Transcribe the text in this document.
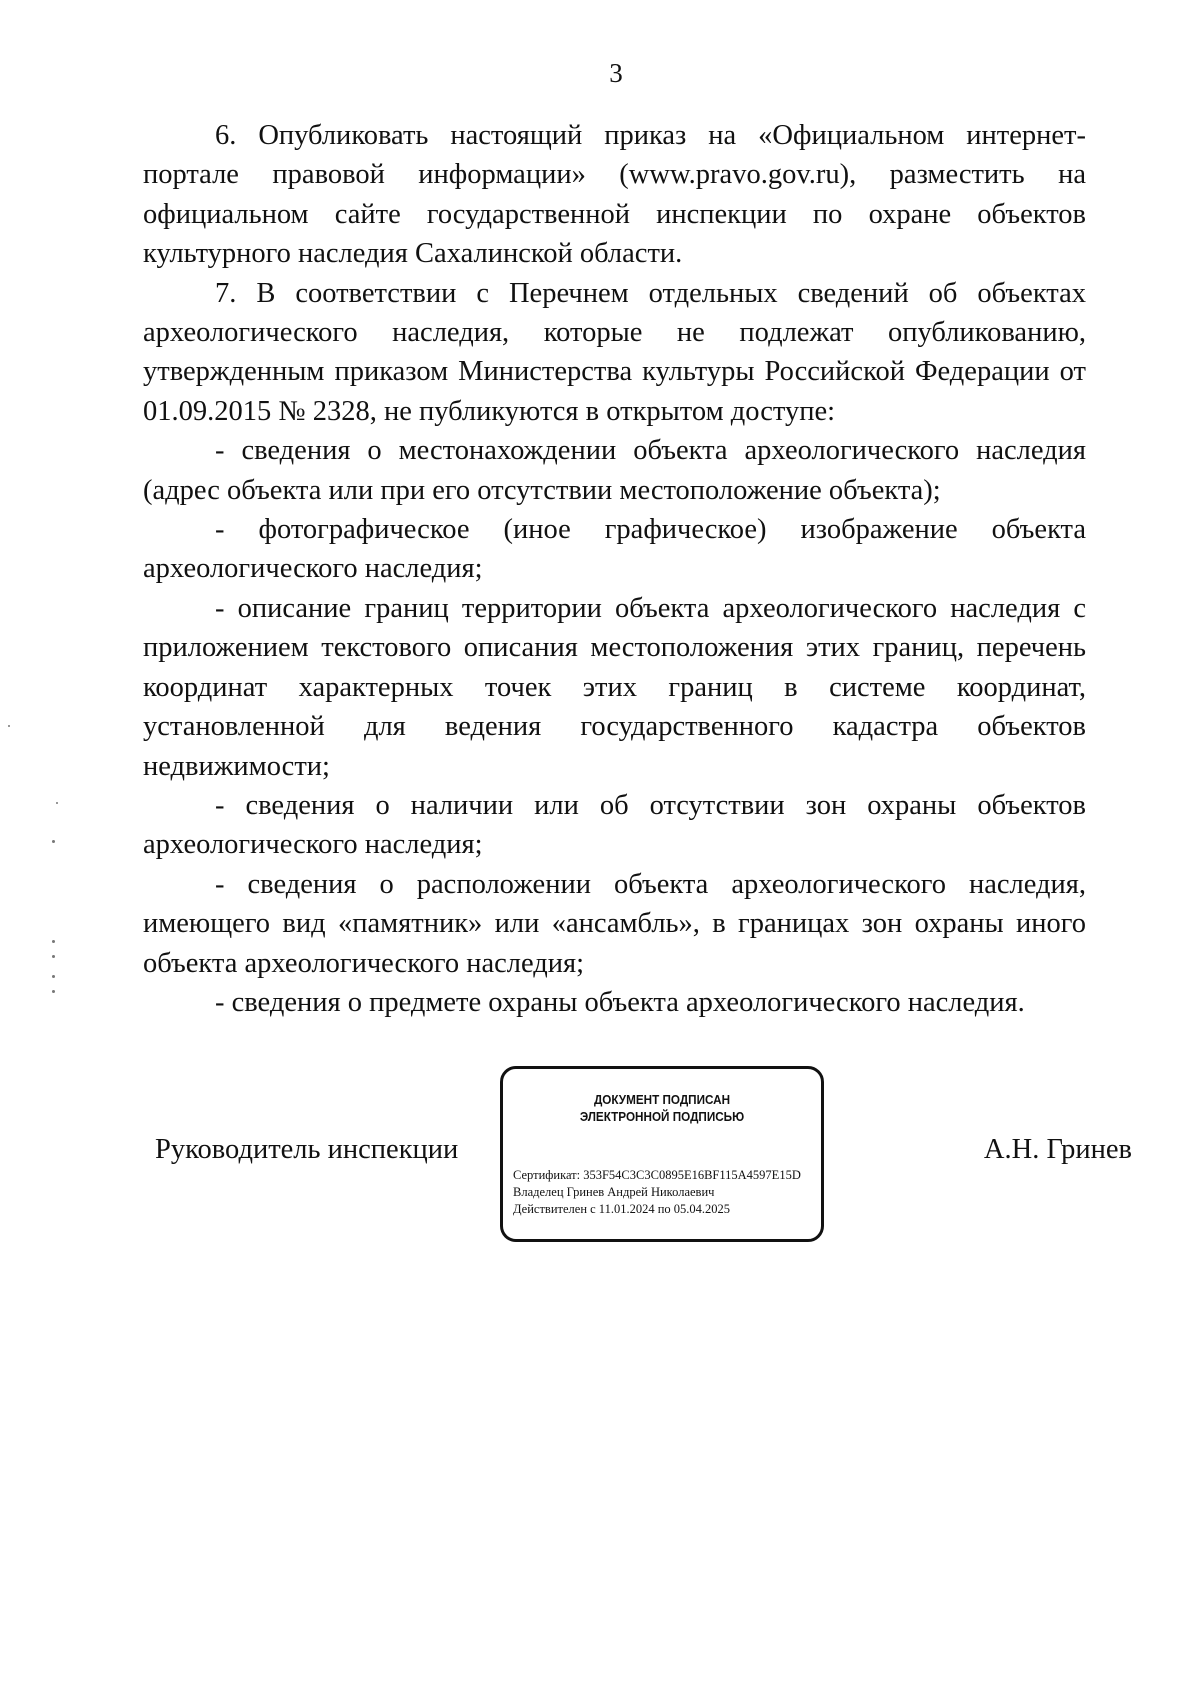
3

6. Опубликовать настоящий приказ на «Официальном интернет- портале правовой информации» (www.pravo.gov.ru), разместить на официальном сайте государственной инспекции по охране объектов культурного наследия Сахалинской области.

7. В соответствии с Перечнем отдельных сведений об объектах археологического наследия, которые не подлежат опубликованию, утвержденным приказом Министерства культуры Российской Федерации от 01.09.2015 № 2328, не публикуются в открытом доступе:

- сведения о местонахождении объекта археологического наследия (адрес объекта или при его отсутствии местоположение объекта);

- фотографическое (иное графическое) изображение объекта археологического наследия;

- описание границ территории объекта археологического наследия с приложением текстового описания местоположения этих границ, перечень координат характерных точек этих границ в системе координат, установленной для ведения государственного кадастра объектов недвижимости;

- сведения о наличии или об отсутствии зон охраны объектов археологического наследия;

- сведения о расположении объекта археологического наследия, имеющего вид «памятник» или «ансамбль», в границах зон охраны иного объекта археологического наследия;

- сведения о предмете охраны объекта археологического наследия.

Руководитель инспекции
ДОКУМЕНТ ПОДПИСАН
ЭЛЕКТРОННОЙ ПОДПИСЬЮ
Сертификат: 353F54C3C3C0895E16BF115A4597E15D
Владелец Гринев Андрей Николаевич
Действителен с 11.01.2024 по 05.04.2025
А.Н. Гринев
